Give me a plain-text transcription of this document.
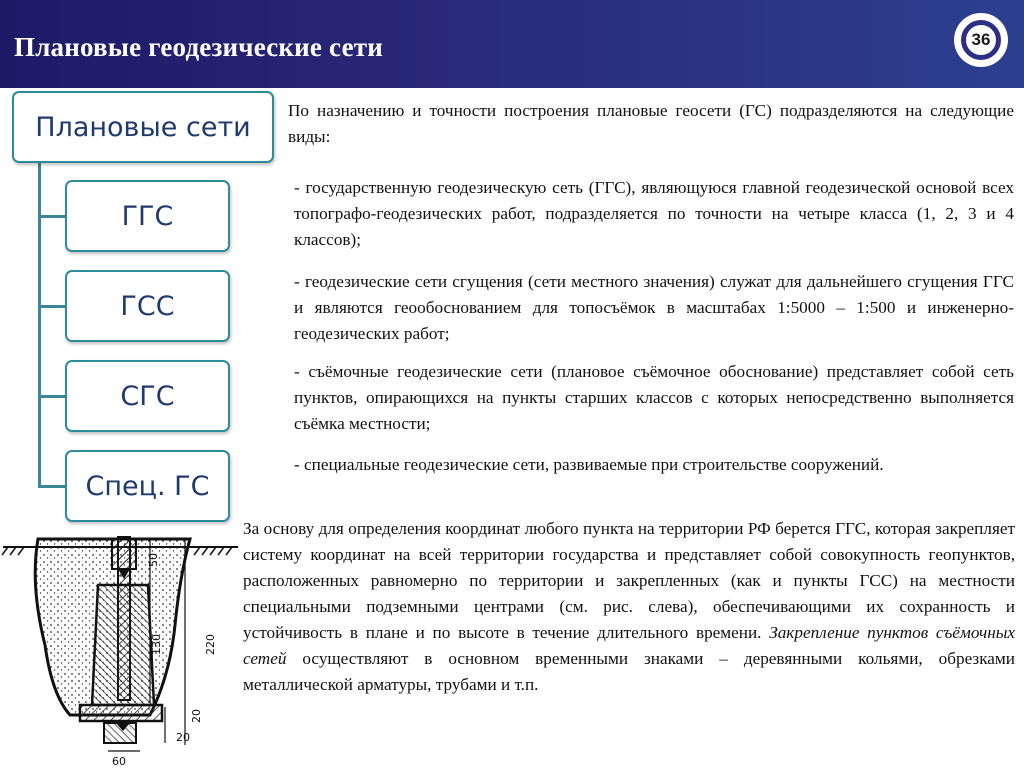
Плановые геодезические сети	36
Плановые сети
ГГС
ГСС
СГС
Спец. ГС

По назначению и точности построения плановые геосети (ГС) подразделяются на следующие виды:

- государственную геодезическую сеть (ГГС), являющуюся главной геодезической основой всех топографо-геодезических работ, подразделяется по точности на четыре класса (1, 2, 3 и 4 классов);
- геодезические сети сгущения (сети местного значения) служат для дальнейшего сгущения ГГС и являются геообоснованием для топосъёмок в масштабах 1:5000 – 1:500 и инженерно-геодезических работ;
- съёмочные геодезические сети (плановое съёмочное обоснование) представляет собой сеть пунктов, опирающихся на пункты старших классов с которых непосредственно выполняется съёмка местности;
- специальные геодезические сети, развиваемые при строительстве сооружений.
За основу для определения координат любого пункта на территории РФ берется ГГС, которая закрепляет систему координат на всей территории государства и представляет собой совокупность геопунктов, расположенных равномерно по территории и закрепленных (как и пункты ГСС) на местности специальными подземными центрами (см. рис. слева), обеспечивающими их сохранность и устойчивость в плане и по высоте в течение длительного времени. Закрепление пунктов съёмочных сетей осуществляют в основном временными знаками – деревянными кольями, обрезками металлической арматуры, трубами и т.п.
50
130	220
20
20
60
